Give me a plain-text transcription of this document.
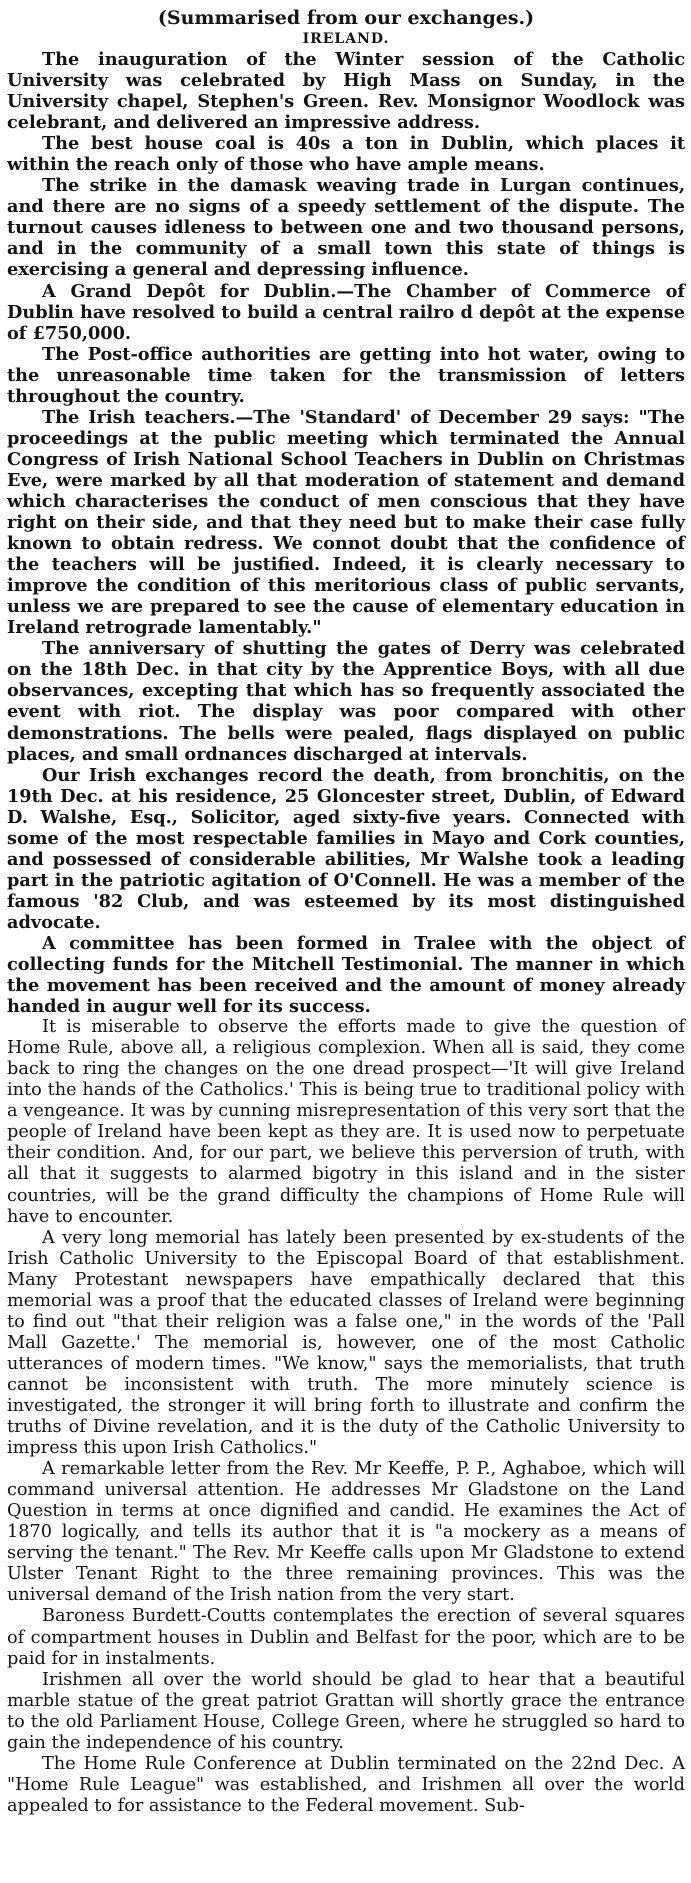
(Summarised from our exchanges.)
IRELAND.

The inauguration of the Winter session of the Catholic University was celebrated by High Mass on Sunday, in the University chapel, Stephen's Green. Rev. Monsignor Woodlock was celebrant, and delivered an impressive address.

The best house coal is 40s a ton in Dublin, which places it within the reach only of those who have ample means.

The strike in the damask weaving trade in Lurgan continues, and there are no signs of a speedy settlement of the dispute. The turnout causes idleness to between one and two thousand persons, and in the community of a small town this state of things is exercising a general and depressing influence.

A Grand Depôt for Dublin.—The Chamber of Commerce of Dublin have resolved to build a central railro d depôt at the expense of £750,000.

The Post-office authorities are getting into hot water, owing to the unreasonable time taken for the transmission of letters throughout the country.

The Irish teachers.—The 'Standard' of December 29 says: "The proceedings at the public meeting which terminated the Annual Congress of Irish National School Teachers in Dublin on Christmas Eve, were marked by all that moderation of statement and demand which characterises the conduct of men conscious that they have right on their side, and that they need but to make their case fully known to obtain redress. We connot doubt that the confidence of the teachers will be justified. Indeed, it is clearly necessary to improve the condition of this meritorious class of public servants, unless we are prepared to see the cause of elementary education in Ireland retrograde lamentably."

The anniversary of shutting the gates of Derry was celebrated on the 18th Dec. in that city by the Apprentice Boys, with all due observances, excepting that which has so frequently associated the event with riot. The display was poor compared with other demonstrations. The bells were pealed, flags displayed on public places, and small ordnances discharged at intervals.

Our Irish exchanges record the death, from bronchitis, on the 19th Dec. at his residence, 25 Gloncester street, Dublin, of Edward D. Walshe, Esq., Solicitor, aged sixty-five years. Connected with some of the most respectable families in Mayo and Cork counties, and possessed of considerable abilities, Mr Walshe took a leading part in the patriotic agitation of O'Connell. He was a member of the famous '82 Club, and was esteemed by its most distinguished advocate.

A committee has been formed in Tralee with the object of collecting funds for the Mitchell Testimonial. The manner in which the movement has been received and the amount of money already handed in augur well for its success.

It is miserable to observe the efforts made to give the question of Home Rule, above all, a religious complexion. When all is said, they come back to ring the changes on the one dread prospect—'It will give Ireland into the hands of the Catholics.' This is being true to traditional policy with a vengeance. It was by cunning misrepresentation of this very sort that the people of Ireland have been kept as they are. It is used now to perpetuate their condition. And, for our part, we believe this perversion of truth, with all that it suggests to alarmed bigotry in this island and in the sister countries, will be the grand difficulty the champions of Home Rule will have to encounter.

A very long memorial has lately been presented by ex-students of the Irish Catholic University to the Episcopal Board of that establishment. Many Protestant newspapers have empathically declared that this memorial was a proof that the educated classes of Ireland were beginning to find out "that their religion was a false one," in the words of the 'Pall Mall Gazette.' The memorial is, however, one of the most Catholic utterances of modern times. "We know," says the memorialists, that truth cannot be inconsistent with truth. The more minutely science is investigated, the stronger it will bring forth to illustrate and confirm the truths of Divine revelation, and it is the duty of the Catholic University to impress this upon Irish Catholics."

A remarkable letter from the Rev. Mr Keeffe, P. P., Aghaboe, which will command universal attention. He addresses Mr Gladstone on the Land Question in terms at once dignified and candid. He examines the Act of 1870 logically, and tells its author that it is "a mockery as a means of serving the tenant." The Rev. Mr Keeffe calls upon Mr Gladstone to extend Ulster Tenant Right to the three remaining provinces. This was the universal demand of the Irish nation from the very start.

Baroness Burdett-Coutts contemplates the erection of several squares of compartment houses in Dublin and Belfast for the poor, which are to be paid for in instalments.

Irishmen all over the world should be glad to hear that a beautiful marble statue of the great patriot Grattan will shortly grace the entrance to the old Parliament House, College Green, where he struggled so hard to gain the independence of his country.

The Home Rule Conference at Dublin terminated on the 22nd Dec. A "Home Rule League" was established, and Irishmen all over the world appealed to for assistance to the Federal movement. Sub-
